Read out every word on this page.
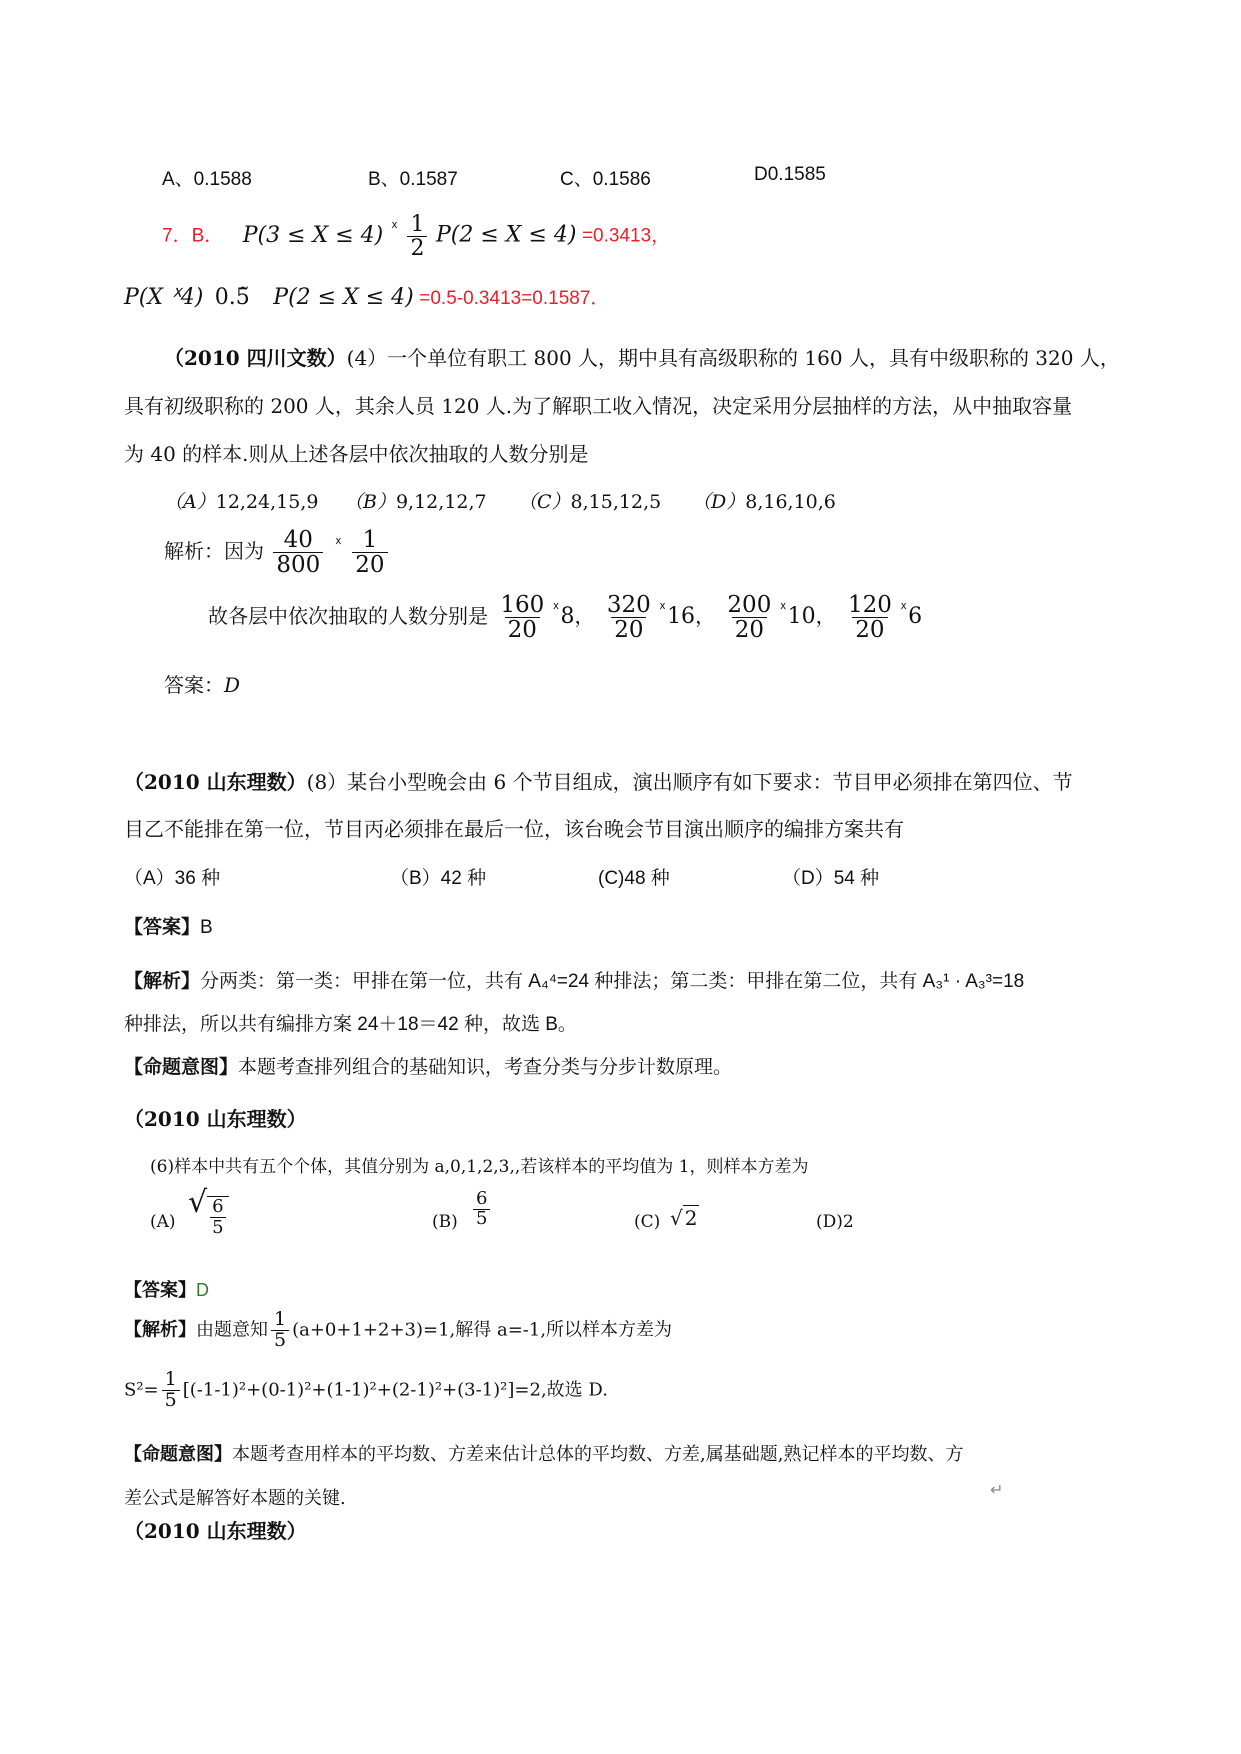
A、0.1588	B、0.1587	C、0.1586	D0.1585
7．B． P(3 ≤ X ≤ 4) $^ᕽ \frac{1}{2} P(2 \le X \le 4) =0.3413$，
P(X ᕽ4) 0.5̃ P(2 ≤ X ≤ 4) =0.5-0.3413=0.1587．
（2010 四川文数）(4）一个单位有职工 800 人，期中具有高级职称的 160 人，具有中级职称的 320 人，
具有初级职称的 200 人，其余人员 120 人.为了解职工收入情况，决定采用分层抽样的方法，从中抽取容量
为 40 的样本.则从上述各层中依次抽取的人数分别是
（A）12,24,15,9 （B）9,12,12,7 （C）8,15,12,5 （D）8,16,10,6
解析：因为 $\frac{40}{800} ^ᕽ \frac{1}{20}$
故各层中依次抽取的人数分别是 $\frac{160}{20} ^ᕽ8$， $\frac{320}{20} ^ᕽ16$， $\frac{200}{20} ^ᕽ10$， $\frac{120}{20} ^ᕽ6$
答案：D
（2010 山东理数）(8）某台小型晚会由 6 个节目组成，演出顺序有如下要求：节目甲必须排在第四位、节
目乙不能排在第一位，节目丙必须排在最后一位，该台晚会节目演出顺序的编排方案共有
（A）36 种	（B）42 种	(C)48 种	（D）54 种
【答案】B
【解析】分两类：第一类：甲排在第一位，共有 A₄⁴=24 种排法；第二类：甲排在第二位，共有 A₃¹ · A₃³=18
种排法，所以共有编排方案 24＋18＝42 种，故选 B。
【命题意图】本题考查排列组合的基础知识，考查分类与分步计数原理。
（2010 山东理数）
(6)样本中共有五个个体，其值分别为 a,0,1,2,3,,若该样本的平均值为 1，则样本方差为
(A)
√ $\frac{6}{5}$	$(B) \frac{6}{5}$	(C) √ 2	(D)2
【答案】D
【解析】由题意知 $\frac{1}{5} (a+0+1+2+3)=1$,解得 a=-1,所以样本方差为
$S^2= \frac{1}{5} [(-1-1)^2+(0-1)^2+(1-1)^2+(2-1)^2+(3-1)^2]=2$,故选 D.
【命题意图】本题考查用样本的平均数、方差来估计总体的平均数、方差,属基础题,熟记样本的平均数、方
差公式是解答好本题的关键.	↵
（2010 山东理数）
